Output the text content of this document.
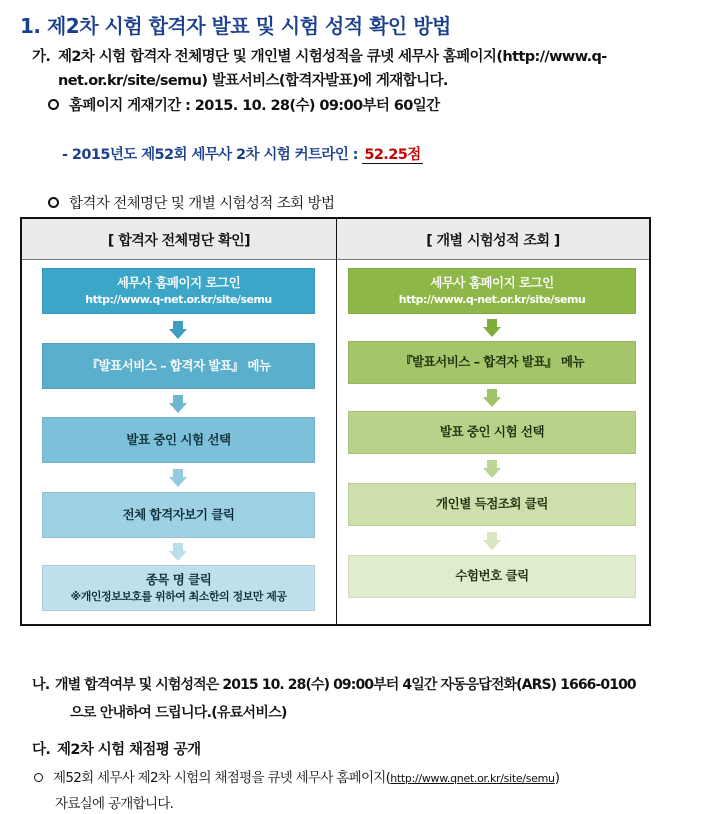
1. 제2차 시험 합격자 발표 및 시험 성적 확인 방법
가. 제2차 시험 합격자 전체명단 및 개인별 시험성적을 큐넷 세무사 홈페이지(http://www.q-
net.or.kr/site/semu) 발표서비스(합격자발표)에 게재합니다.
홈페이지 게재기간 : 2015. 10. 28(수) 09:00부터 60일간
- 2015년도 제52회 세무사 2차 시험 커트라인 : 52.25점
합격자 전체명단 및 개별 시험성적 조회 방법
[ 합격자 전체명단 확인]	[ 개별 시험성적 조회 ]
세무사 홈페이지 로그인
http://www.q-net.or.kr/site/semu
『발표서비스 – 합격자 발표』 메뉴
발표 중인 시험 선택
전체 합격자보기 클릭
종목 명 클릭
※개인정보보호를 위하여 최소한의 정보만 제공
세무사 홈페이지 로그인
http://www.q-net.or.kr/site/semu
『발표서비스 – 합격자 발표』 메뉴
발표 중인 시험 선택
개인별 득점조회 클릭
수험번호 클릭
나. 개별 합격여부 및 시험성적은 2015 10. 28(수) 09:00부터 4일간 자동응답전화(ARS) 1666-0100
으로 안내하여 드립니다.(유료서비스)
다. 제2차 시험 채점평 공개
제52회 세무사 제2차 시험의 채점평을 큐넷 세무사 홈페이지(http://www.qnet.or.kr/site/semu)
자료실에 공개합니다.
